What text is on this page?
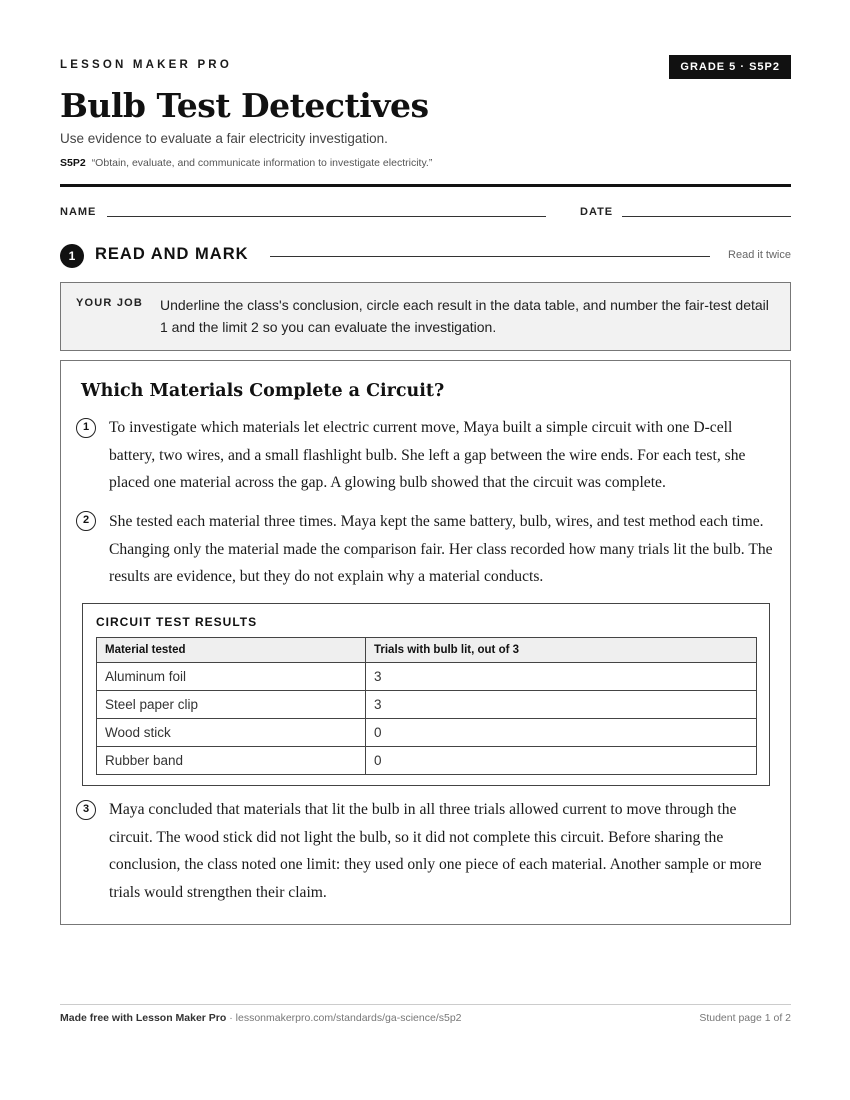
LESSON MAKER PRO	GRADE 5 · S5P2
Bulb Test Detectives
Use evidence to evaluate a fair electricity investigation.
S5P2 “Obtain, evaluate, and communicate information to investigate electricity.”
NAME	DATE
1	READ AND MARK	Read it twice
YOUR JOB Underline the class's conclusion, circle each result in the data table, and number the fair-test detail 1 and the limit 2 so you can evaluate the investigation.
Which Materials Complete a Circuit?
1	To investigate which materials let electric current move, Maya built a simple circuit with one D-cell battery, two wires, and a small flashlight bulb. She left a gap between the wire ends. For each test, she placed one material across the gap. A glowing bulb showed that the circuit was complete.

2	She tested each material three times. Maya kept the same battery, bulb, wires, and test method each time. Changing only the material made the comparison fair. Her class recorded how many trials lit the bulb. The results are evidence, but they do not explain why a material conducts.

CIRCUIT TEST RESULTS
Material tested	Trials with bulb lit, out of 3
Aluminum foil	3
Steel paper clip	3
Wood stick	0
Rubber band	0
3	Maya concluded that materials that lit the bulb in all three trials allowed current to move through the circuit. The wood stick did not light the bulb, so it did not complete this circuit. Before sharing the conclusion, the class noted one limit: they used only one piece of each material. Another sample or more trials would strengthen their claim.

Made free with Lesson Maker Pro · lessonmakerpro.com/standards/ga-science/s5p2	Student page 1 of 2
